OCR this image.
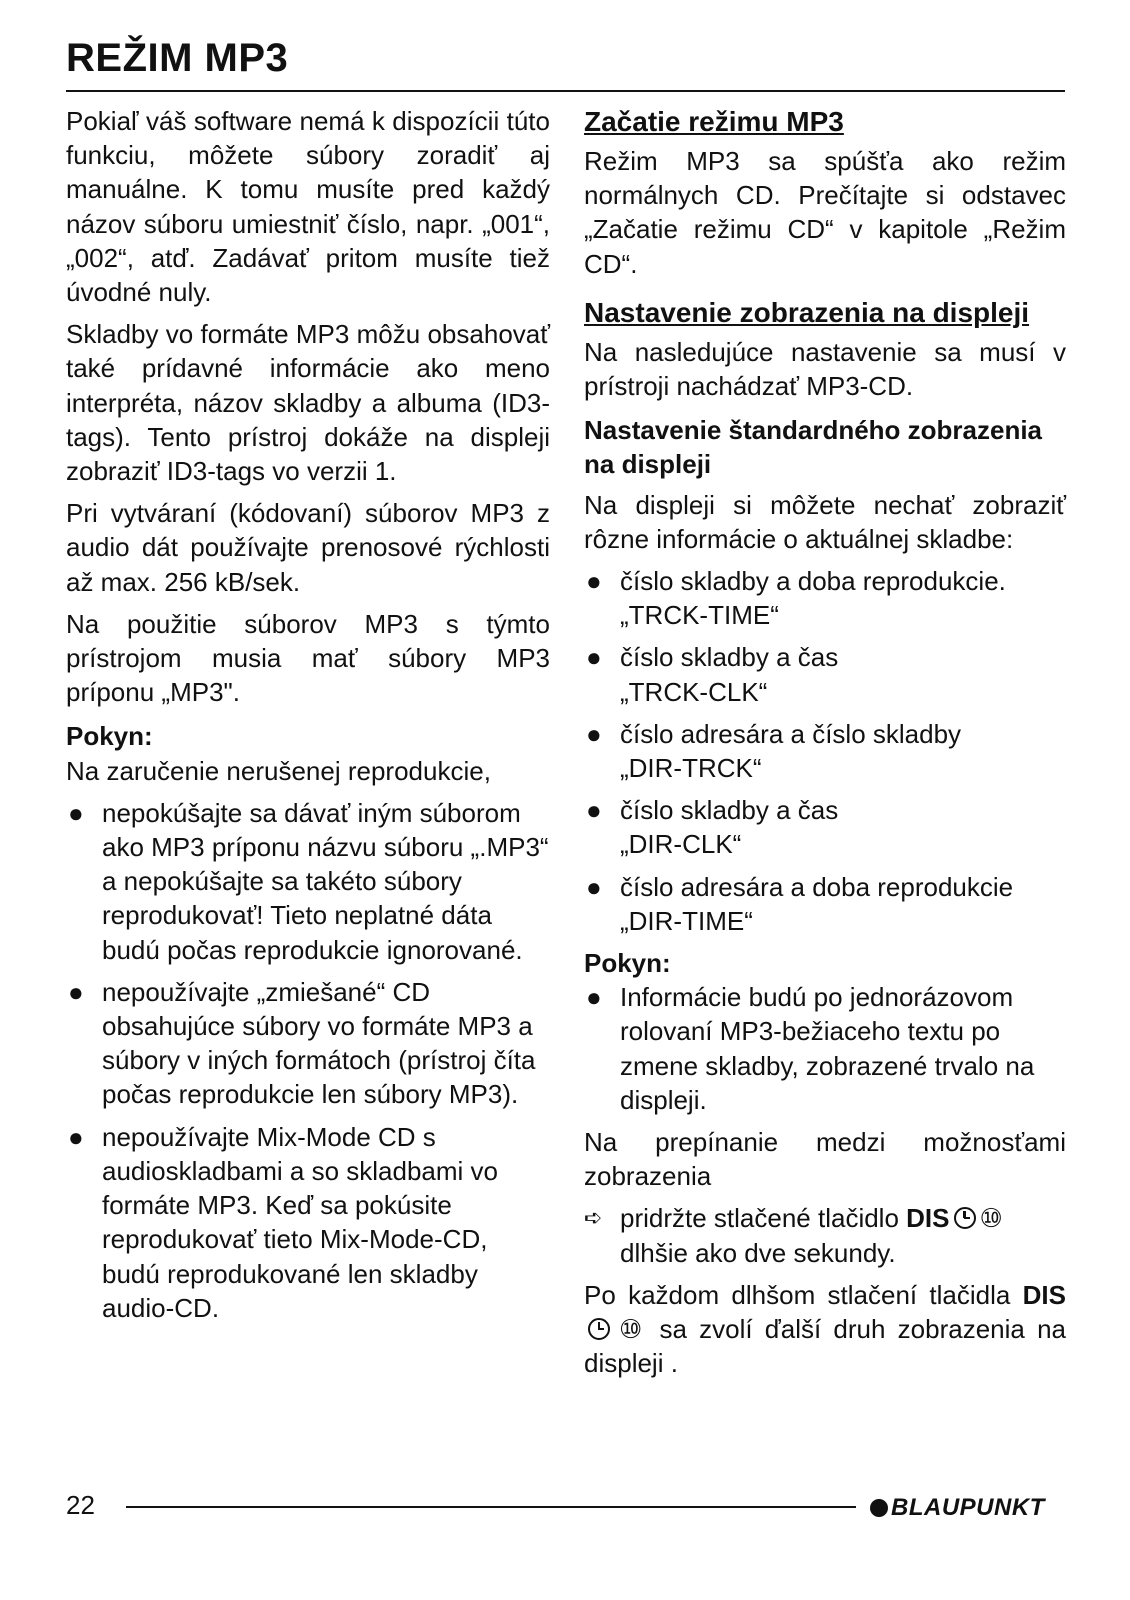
REŽIM MP3

Pokiaľ váš software nemá k dispozícii túto funkciu, môžete súbory zoradiť aj manuálne. K tomu musíte pred každý názov súboru umiestniť číslo, napr. „001“, „002“, atď. Zadávať pritom musíte tiež úvodné nuly.

Skladby vo formáte MP3 môžu obsahovať také prídavné informácie ako meno interpréta, názov skladby a albuma (ID3-tags). Tento prístroj dokáže na displeji zobraziť ID3-tags vo verzii 1.

Pri vytváraní (kódovaní) súborov MP3 z audio dát používajte prenosové rýchlosti až max. 256 kB/sek.

Na použitie súborov MP3 s týmto prístrojom musia mať súbory MP3 príponu „MP3".

Pokyn:

Na zaručenie nerušenej reprodukcie,

● nepokúšajte sa dávať iným súborom ako MP3 príponu názvu súboru „.MP3“ a nepokúšajte sa takéto súbory reprodukovať! Tieto neplatné dáta budú počas reprodukcie ignorované.
● nepoužívajte „zmiešané“ CD obsahujúce súbory vo formáte MP3 a súbory v iných formátoch (prístroj číta počas reprodukcie len súbory MP3).
● nepoužívajte Mix-Mode CD s audioskladbami a so skladbami vo formáte MP3. Keď sa pokúsite reprodukovať tieto Mix-Mode-CD, budú reprodukované len skladby audio-CD.
Začatie režimu MP3

Režim MP3 sa spúšťa ako režim normálnych CD. Prečítajte si odstavec „Začatie režimu CD“ v kapitole „Režim CD“.

Nastavenie zobrazenia na displeji

Na nasledujúce nastavenie sa musí v prístroji nachádzať MP3-CD.

Nastavenie štandardného zobrazenia na displeji

Na displeji si môžete nechať zobraziť rôzne informácie o aktuálnej skladbe:

● číslo skladby a doba reprodukcie.
„TRCK-TIME“
● číslo skladby a čas
„TRCK-CLK“
● číslo adresára a číslo skladby
„DIR-TRCK“
● číslo skladby a čas
„DIR-CLK“
● číslo adresára a doba reprodukcie
„DIR-TIME“
Pokyn:
● Informácie budú po jednorázovom rolovaní MP3-bežiaceho textu po zmene skladby, zobrazené trvalo na displeji.

Na prepínanie medzi možnosťami zobrazenia

➪ pridržte stlačené tlačidlo DIS ⑩
dlhšie ako dve sekundy.

Po každom dlhšom stlačení tlačidla DIS⑩ sa zvolí ďalší druh zobrazenia na displeji .

22	BLAUPUNKT
